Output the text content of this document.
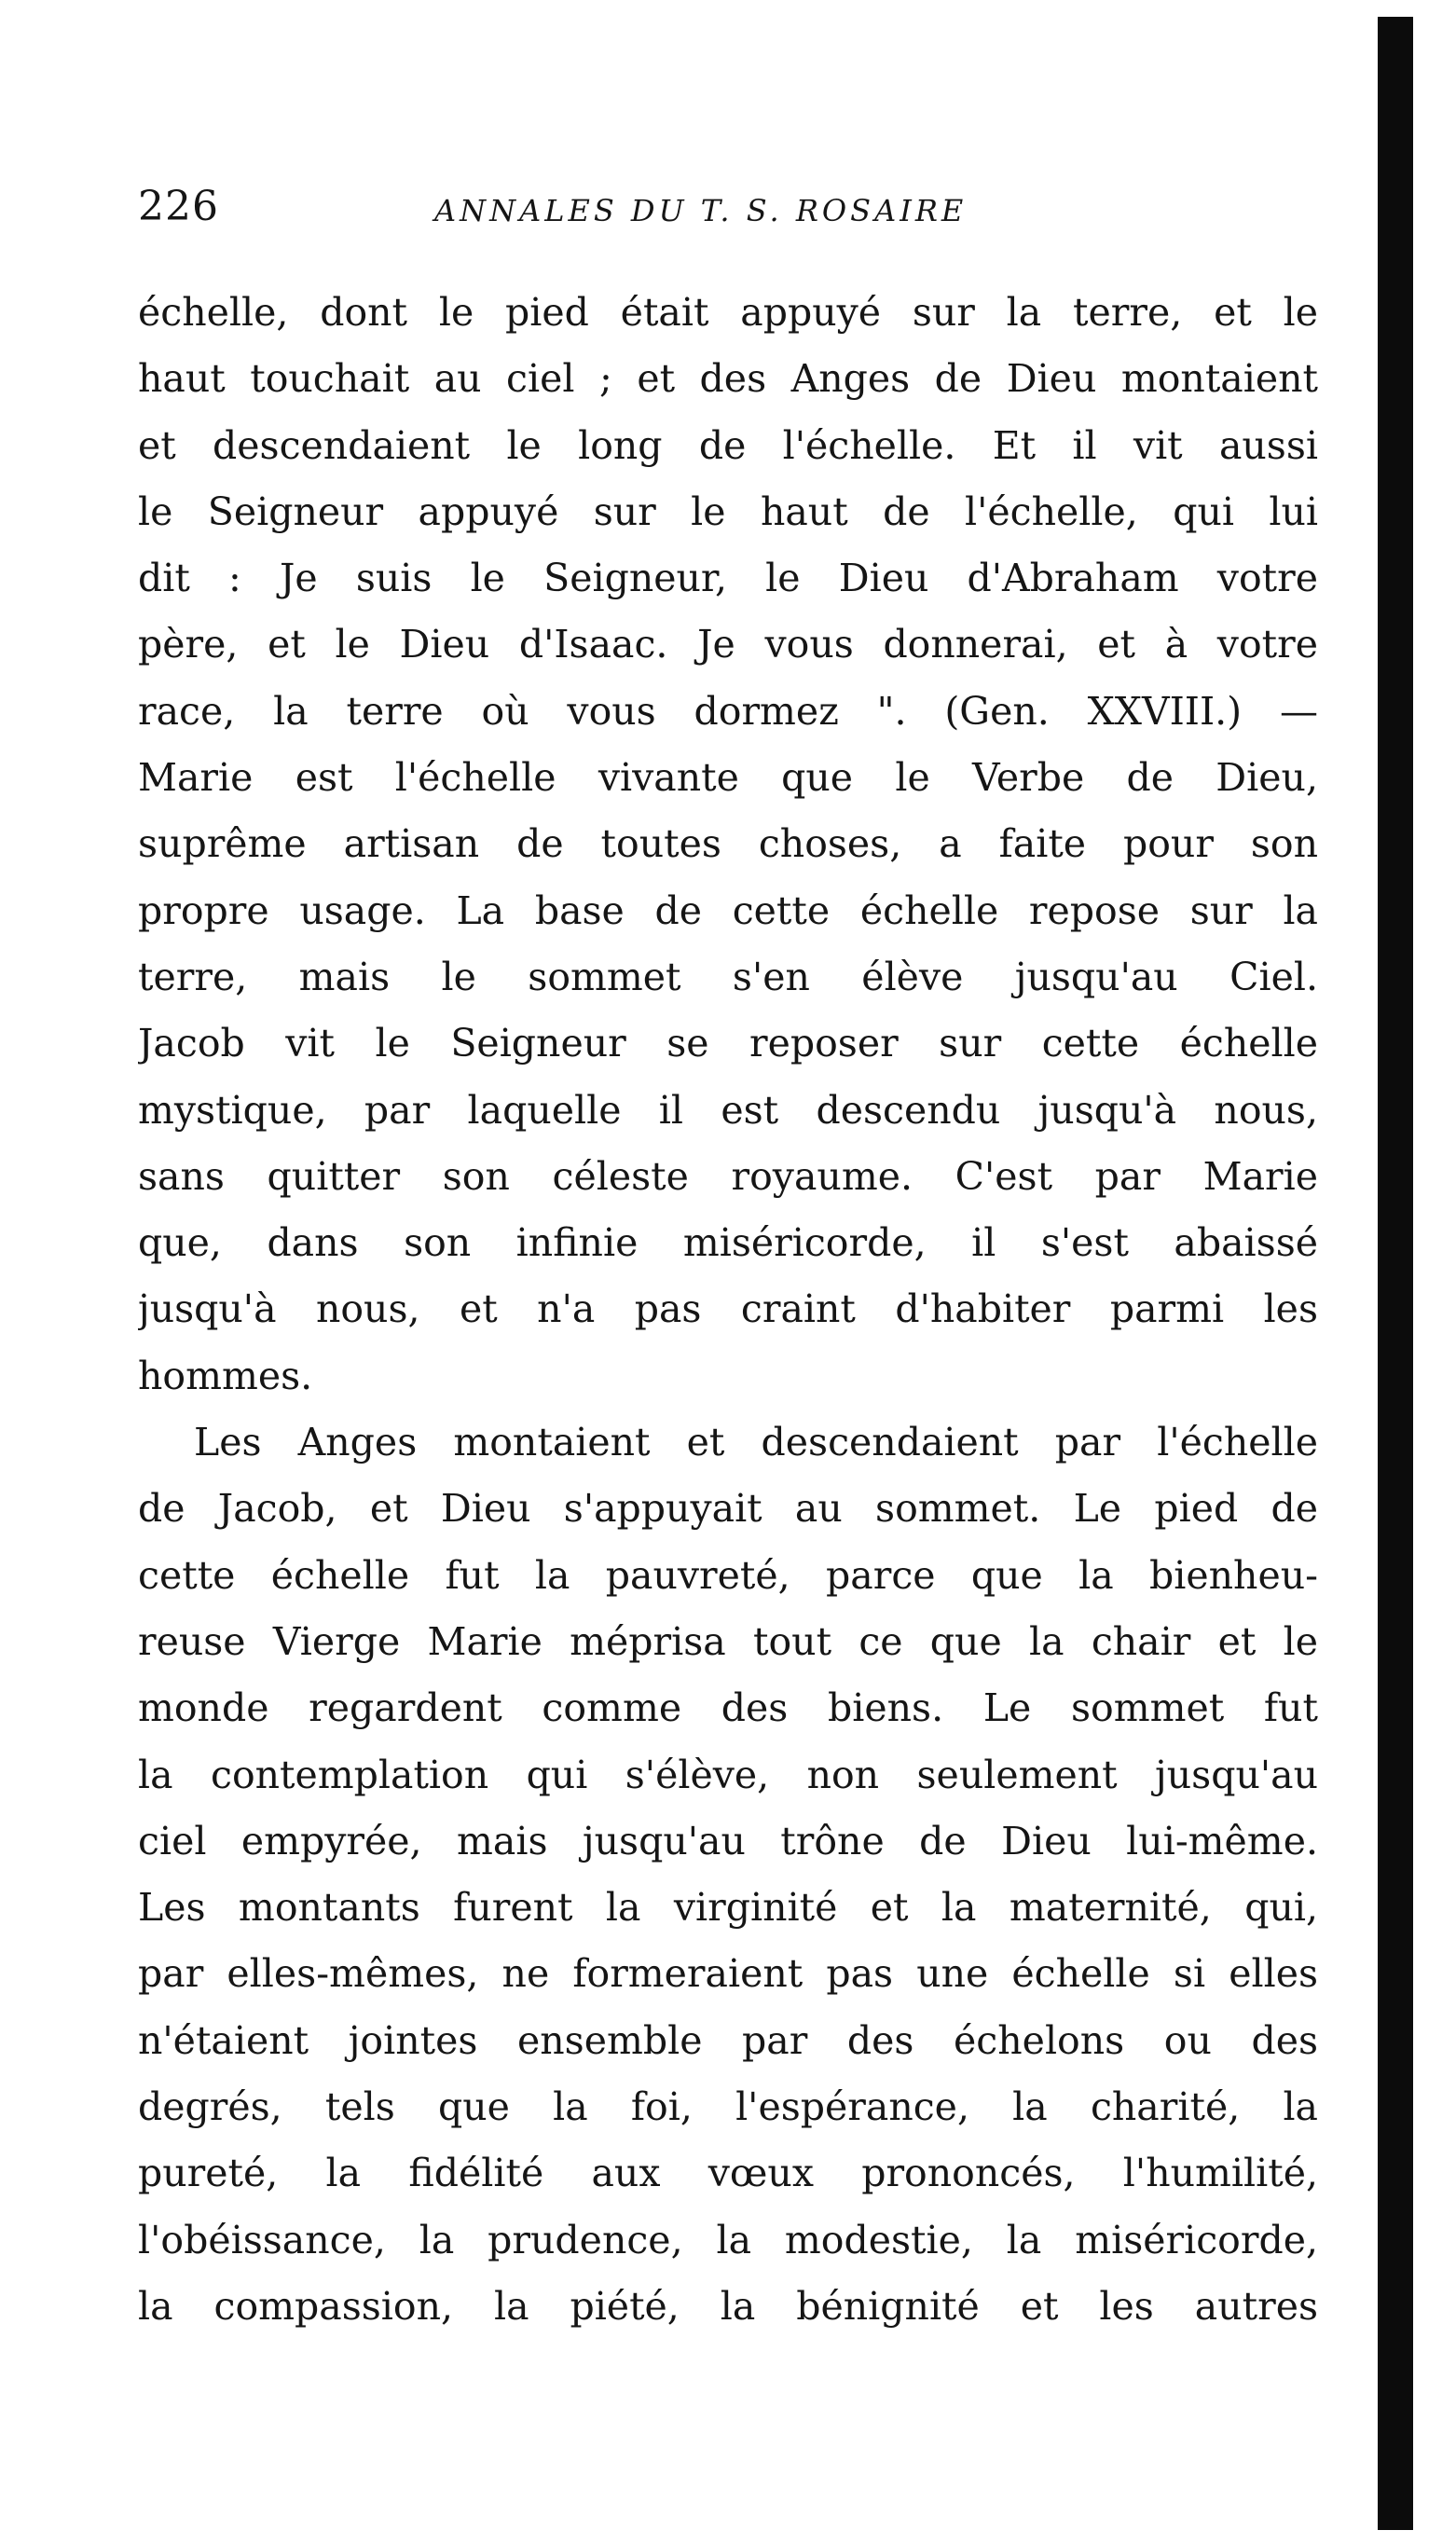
226	ANNALES DU T. S. ROSAIRE
échelle, dont le pied était appuyé sur la terre, et le
haut touchait au ciel ; et des Anges de Dieu montaient
et descendaient le long de l'échelle. Et il vit aussi
le Seigneur appuyé sur le haut de l'échelle, qui lui
dit : Je suis le Seigneur, le Dieu d'Abraham votre
père, et le Dieu d'Isaac. Je vous donnerai, et à votre
race, la terre où vous dormez ". (Gen. XXVIII.) —
Marie est l'échelle vivante que le Verbe de Dieu,
suprême artisan de toutes choses, a faite pour son
propre usage. La base de cette échelle repose sur la
terre, mais le sommet s'en élève jusqu'au Ciel.
Jacob vit le Seigneur se reposer sur cette échelle
mystique, par laquelle il est descendu jusqu'à nous,
sans quitter son céleste royaume. C'est par Marie
que, dans son infinie miséricorde, il s'est abaissé
jusqu'à nous, et n'a pas craint d'habiter parmi les
hommes.
Les Anges montaient et descendaient par l'échelle
de Jacob, et Dieu s'appuyait au sommet. Le pied de
cette échelle fut la pauvreté, parce que la bienheu-
reuse Vierge Marie méprisa tout ce que la chair et le
monde regardent comme des biens. Le sommet fut
la contemplation qui s'élève, non seulement jusqu'au
ciel empyrée, mais jusqu'au trône de Dieu lui-même.
Les montants furent la virginité et la maternité, qui,
par elles-mêmes, ne formeraient pas une échelle si elles
n'étaient jointes ensemble par des échelons ou des
degrés, tels que la foi, l'espérance, la charité, la
pureté, la fidélité aux vœux prononcés, l'humilité,
l'obéissance, la prudence, la modestie, la miséricorde,
la compassion, la piété, la bénignité et les autres
